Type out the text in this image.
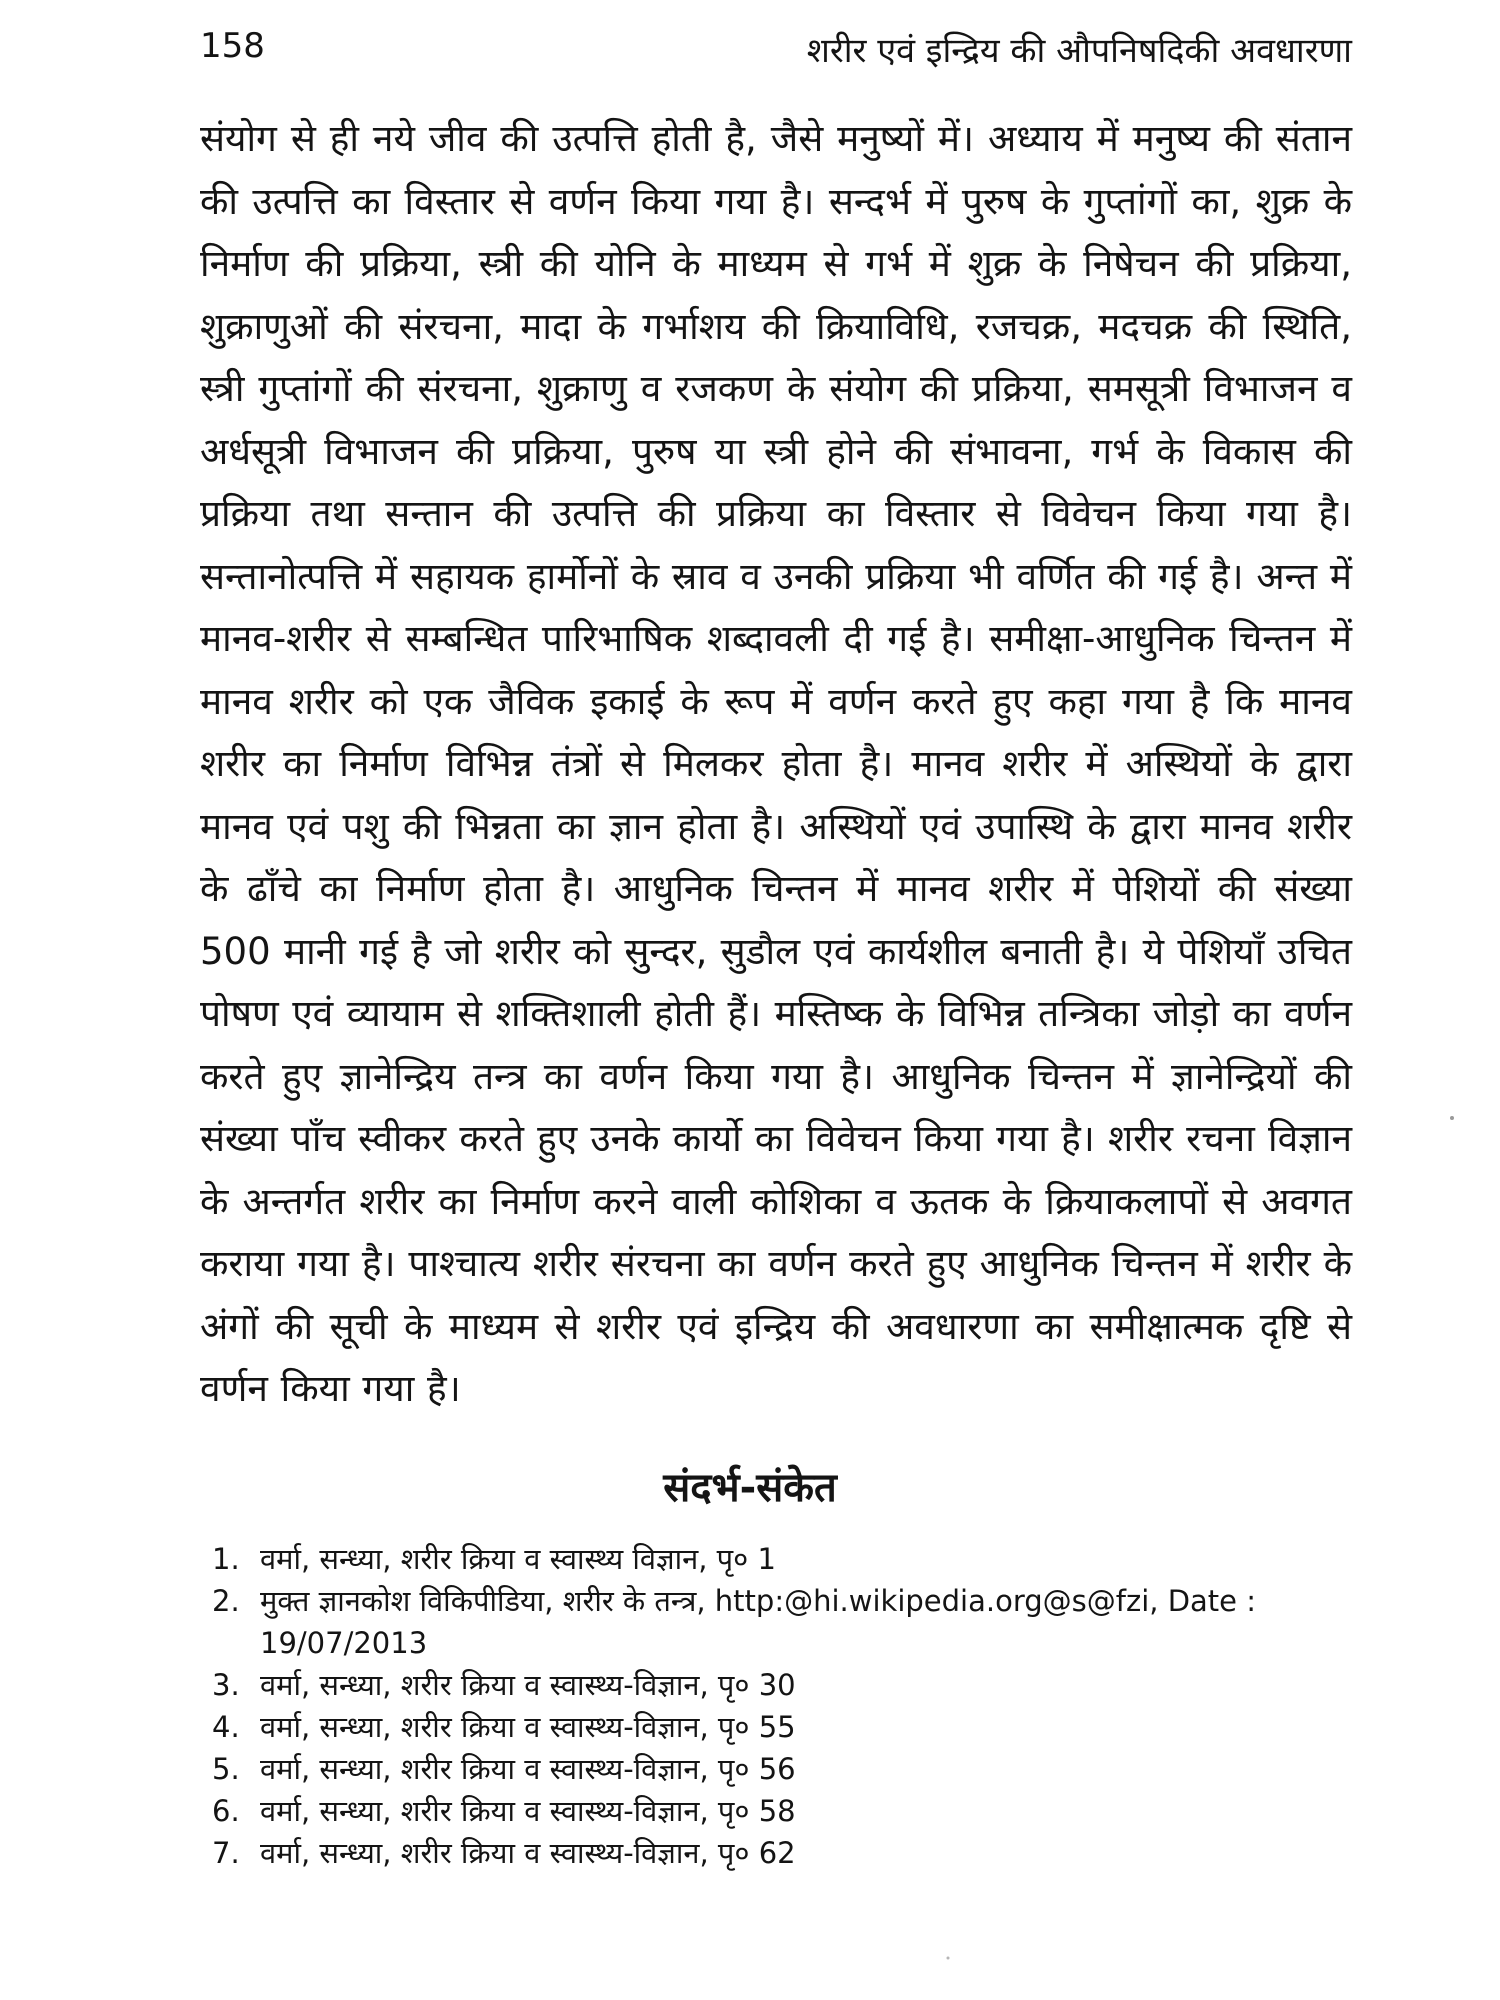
158	शरीर एवं इन्द्रिय की औपनिषदिकी अवधारणा

संयोग से ही नये जीव की उत्पत्ति होती है, जैसे मनुष्यों में। अध्याय में मनुष्य की संतान की उत्पत्ति का विस्तार से वर्णन किया गया है। सन्दर्भ में पुरुष के गुप्तांगों का, शुक्र के निर्माण की प्रक्रिया, स्त्री की योनि के माध्यम से गर्भ में शुक्र के निषेचन की प्रक्रिया, शुक्राणुओं की संरचना, मादा के गर्भाशय की क्रियाविधि, रजचक्र, मदचक्र की स्थिति, स्त्री गुप्तांगों की संरचना, शुक्राणु व रजकण के संयोग की प्रक्रिया, समसूत्री विभाजन व अर्धसूत्री विभाजन की प्रक्रिया, पुरुष या स्त्री होने की संभावना, गर्भ के विकास की प्रक्रिया तथा सन्तान की उत्पत्ति की प्रक्रिया का विस्तार से विवेचन किया गया है। सन्तानोत्पत्ति में सहायक हार्मोनों के स्राव व उनकी प्रक्रिया भी वर्णित की गई है। अन्त में मानव-शरीर से सम्बन्धित पारिभाषिक शब्दावली दी गई है। समीक्षा-आधुनिक चिन्तन में मानव शरीर को एक जैविक इकाई के रूप में वर्णन करते हुए कहा गया है कि मानव शरीर का निर्माण विभिन्न तंत्रों से मिलकर होता है। मानव शरीर में अस्थियों के द्वारा मानव एवं पशु की भिन्नता का ज्ञान होता है। अस्थियों एवं उपास्थि के द्वारा मानव शरीर के ढाँचे का निर्माण होता है। आधुनिक चिन्तन में मानव शरीर में पेशियों की संख्या 500 मानी गई है जो शरीर को सुन्दर, सुडौल एवं कार्यशील बनाती है। ये पेशियाँ उचित पोषण एवं व्यायाम से शक्तिशाली होती हैं। मस्तिष्क के विभिन्न तन्त्रिका जोड़ो का वर्णन करते हुए ज्ञानेन्द्रिय तन्त्र का वर्णन किया गया है। आधुनिक चिन्तन में ज्ञानेन्द्रियों की संख्या पाँच स्वीकर करते हुए उनके कार्यो का विवेचन किया गया है। शरीर रचना विज्ञान के अन्तर्गत शरीर का निर्माण करने वाली कोशिका व ऊतक के क्रियाकलापों से अवगत कराया गया है। पाश्चात्य शरीर संरचना का वर्णन करते हुए आधुनिक चिन्तन में शरीर के अंगों की सूची के माध्यम से शरीर एवं इन्द्रिय की अवधारणा का समीक्षात्मक दृष्टि से वर्णन किया गया है।

संदर्भ-संकेत
1. वर्मा, सन्ध्या, शरीर क्रिया व स्वास्थ्य विज्ञान, पृ० 1
2. मुक्त ज्ञानकोश विकिपीडिया, शरीर के तन्त्र, http:@hi.wikipedia.org@s@fzi, Date : 19/07/2013
3. वर्मा, सन्ध्या, शरीर क्रिया व स्वास्थ्य-विज्ञान, पृ० 30
4. वर्मा, सन्ध्या, शरीर क्रिया व स्वास्थ्य-विज्ञान, पृ० 55
5. वर्मा, सन्ध्या, शरीर क्रिया व स्वास्थ्य-विज्ञान, पृ० 56
6. वर्मा, सन्ध्या, शरीर क्रिया व स्वास्थ्य-विज्ञान, पृ० 58
7. वर्मा, सन्ध्या, शरीर क्रिया व स्वास्थ्य-विज्ञान, पृ० 62
